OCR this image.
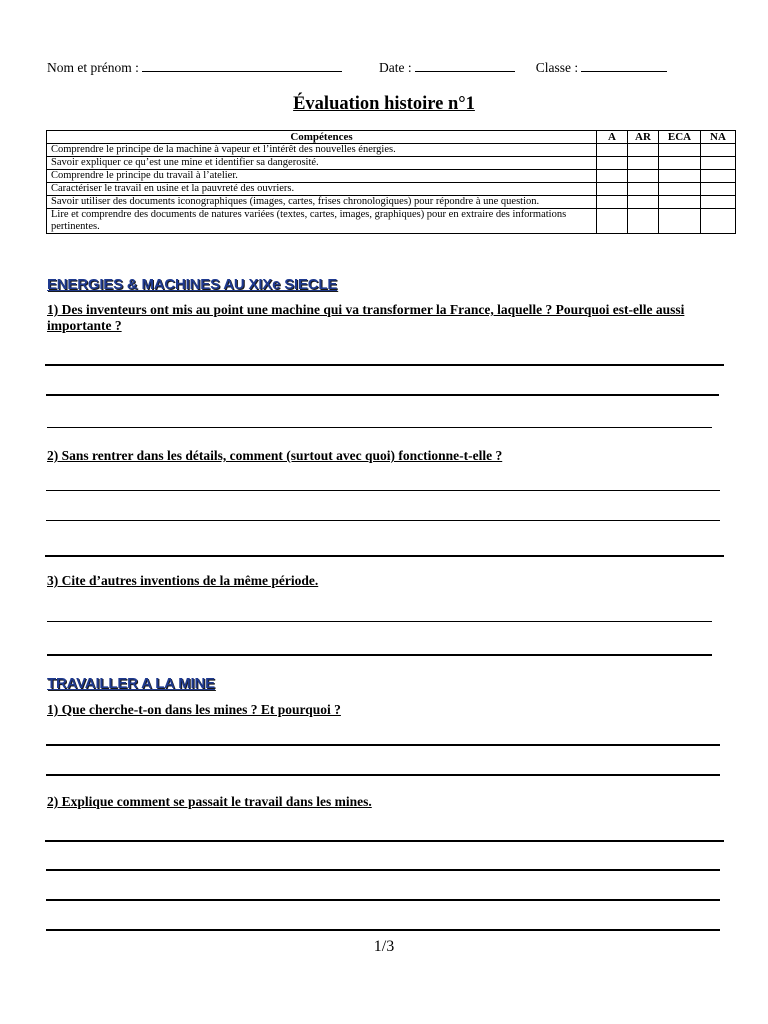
Nom et prénom :	Date :	Classe :
Évaluation histoire n°1
Compétences	A	AR	ECA	NA
Comprendre le principe de la machine à vapeur et l’intérêt des nouvelles énergies.				
Savoir expliquer ce qu’est une mine et identifier sa dangerosité.				
Comprendre le principe du travail à l’atelier.				
Caractériser le travail en usine et la pauvreté des ouvriers.				
Savoir utiliser des documents iconographiques (images, cartes, frises chronologiques) pour répondre à une question.				
Lire et comprendre des documents de natures variées (textes, cartes, images, graphiques) pour en extraire des informations pertinentes.				
ENERGIES & MACHINES AU XIXe SIECLE
1) Des inventeurs ont mis au point une machine qui va transformer la France, laquelle ? Pourquoi est-elle aussi importante ?
2) Sans rentrer dans les détails, comment (surtout avec quoi) fonctionne-t-elle ?
3) Cite d’autres inventions de la même période.
TRAVAILLER A LA MINE
1) Que cherche-t-on dans les mines ? Et pourquoi ?
2) Explique comment se passait le travail dans les mines.
1/3
